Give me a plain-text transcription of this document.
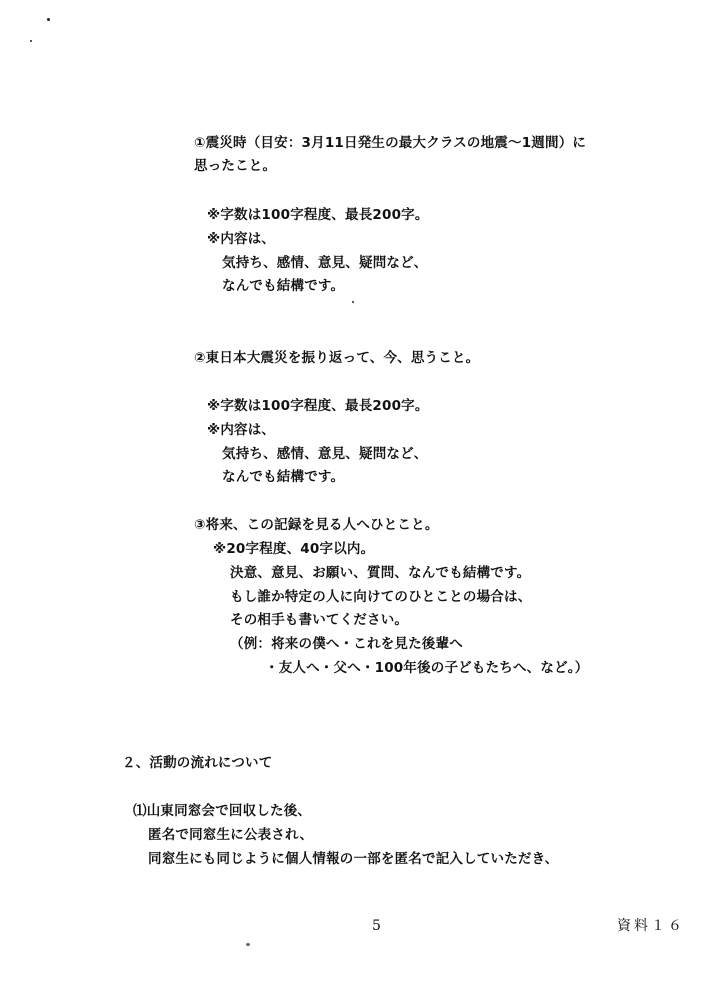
①震災時（目安：3月11日発生の最大クラスの地震～1週間）に
思ったこと。
※字数は100字程度、最長200字。
※内容は、
気持ち、感情、意見、疑問など、
なんでも結構です。
②東日本大震災を振り返って、今、思うこと。
※字数は100字程度、最長200字。
※内容は、
気持ち、感情、意見、疑問など、
なんでも結構です。
③将来、この記録を見る人へひとこと。
※20字程度、40字以内。
決意、意見、お願い、質問、なんでも結構です。
もし誰か特定の人に向けてのひとことの場合は、
その相手も書いてください。
（例：将来の僕へ・これを見た後輩へ
・友人へ・父へ・100年後の子どもたちへ、など。）
２、活動の流れについて
⑴山東同窓会で回収した後、
匿名で同窓生に公表され、
同窓生にも同じように個人情報の一部を匿名で記入していただき、
5	資料１６
